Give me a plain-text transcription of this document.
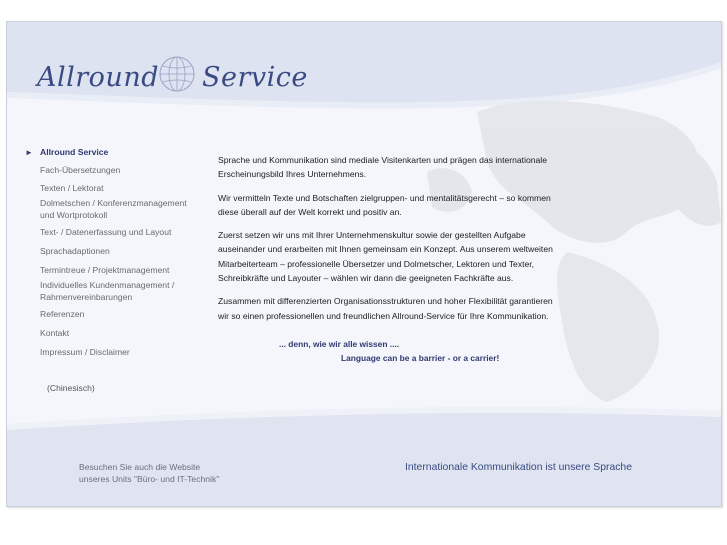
Allround Service
► Allround Service
Fach-Übersetzungen
Texten / Lektorat
Dolmetschen / Konferenzmanagement
und Wortprotokoll
Text- / Datenerfassung und Layout
Sprachadaptionen
Termintreue / Projektmanagement
Individuelles Kundenmanagement /
Rahmenvereinbarungen
Referenzen
Kontakt
Impressum / Disclaimer
(Chinesisch)

Sprache und Kommunikation sind mediale Visitenkarten und prägen das internationale
Erscheinungsbild Ihres Unternehmens.

Wir vermitteln Texte und Botschaften zielgruppen- und mentalitätsgerecht – so kommen
diese überall auf der Welt korrekt und positiv an.

Zuerst setzen wir uns mit Ihrer Unternehmenskultur sowie der gestellten Aufgabe
auseinander und erarbeiten mit Ihnen gemeinsam ein Konzept. Aus unserem weltweiten
Mitarbeiterteam – professionelle Übersetzer und Dolmetscher, Lektoren und Texter,
Schreibkräfte und Layouter – wählen wir dann die geeigneten Fachkräfte aus.

Zusammen mit differenzierten Organisationsstrukturen und hoher Flexibilität garantieren
wir so einen professionellen und freundlichen Allround-Service für Ihre Kommunikation.

... denn, wie wir alle wissen ....
Language can be a barrier - or a carrier!
Besuchen Sie auch die Website
unseres Units "Büro- und IT-Technik"
Internationale Kommunikation ist unsere Sprache
